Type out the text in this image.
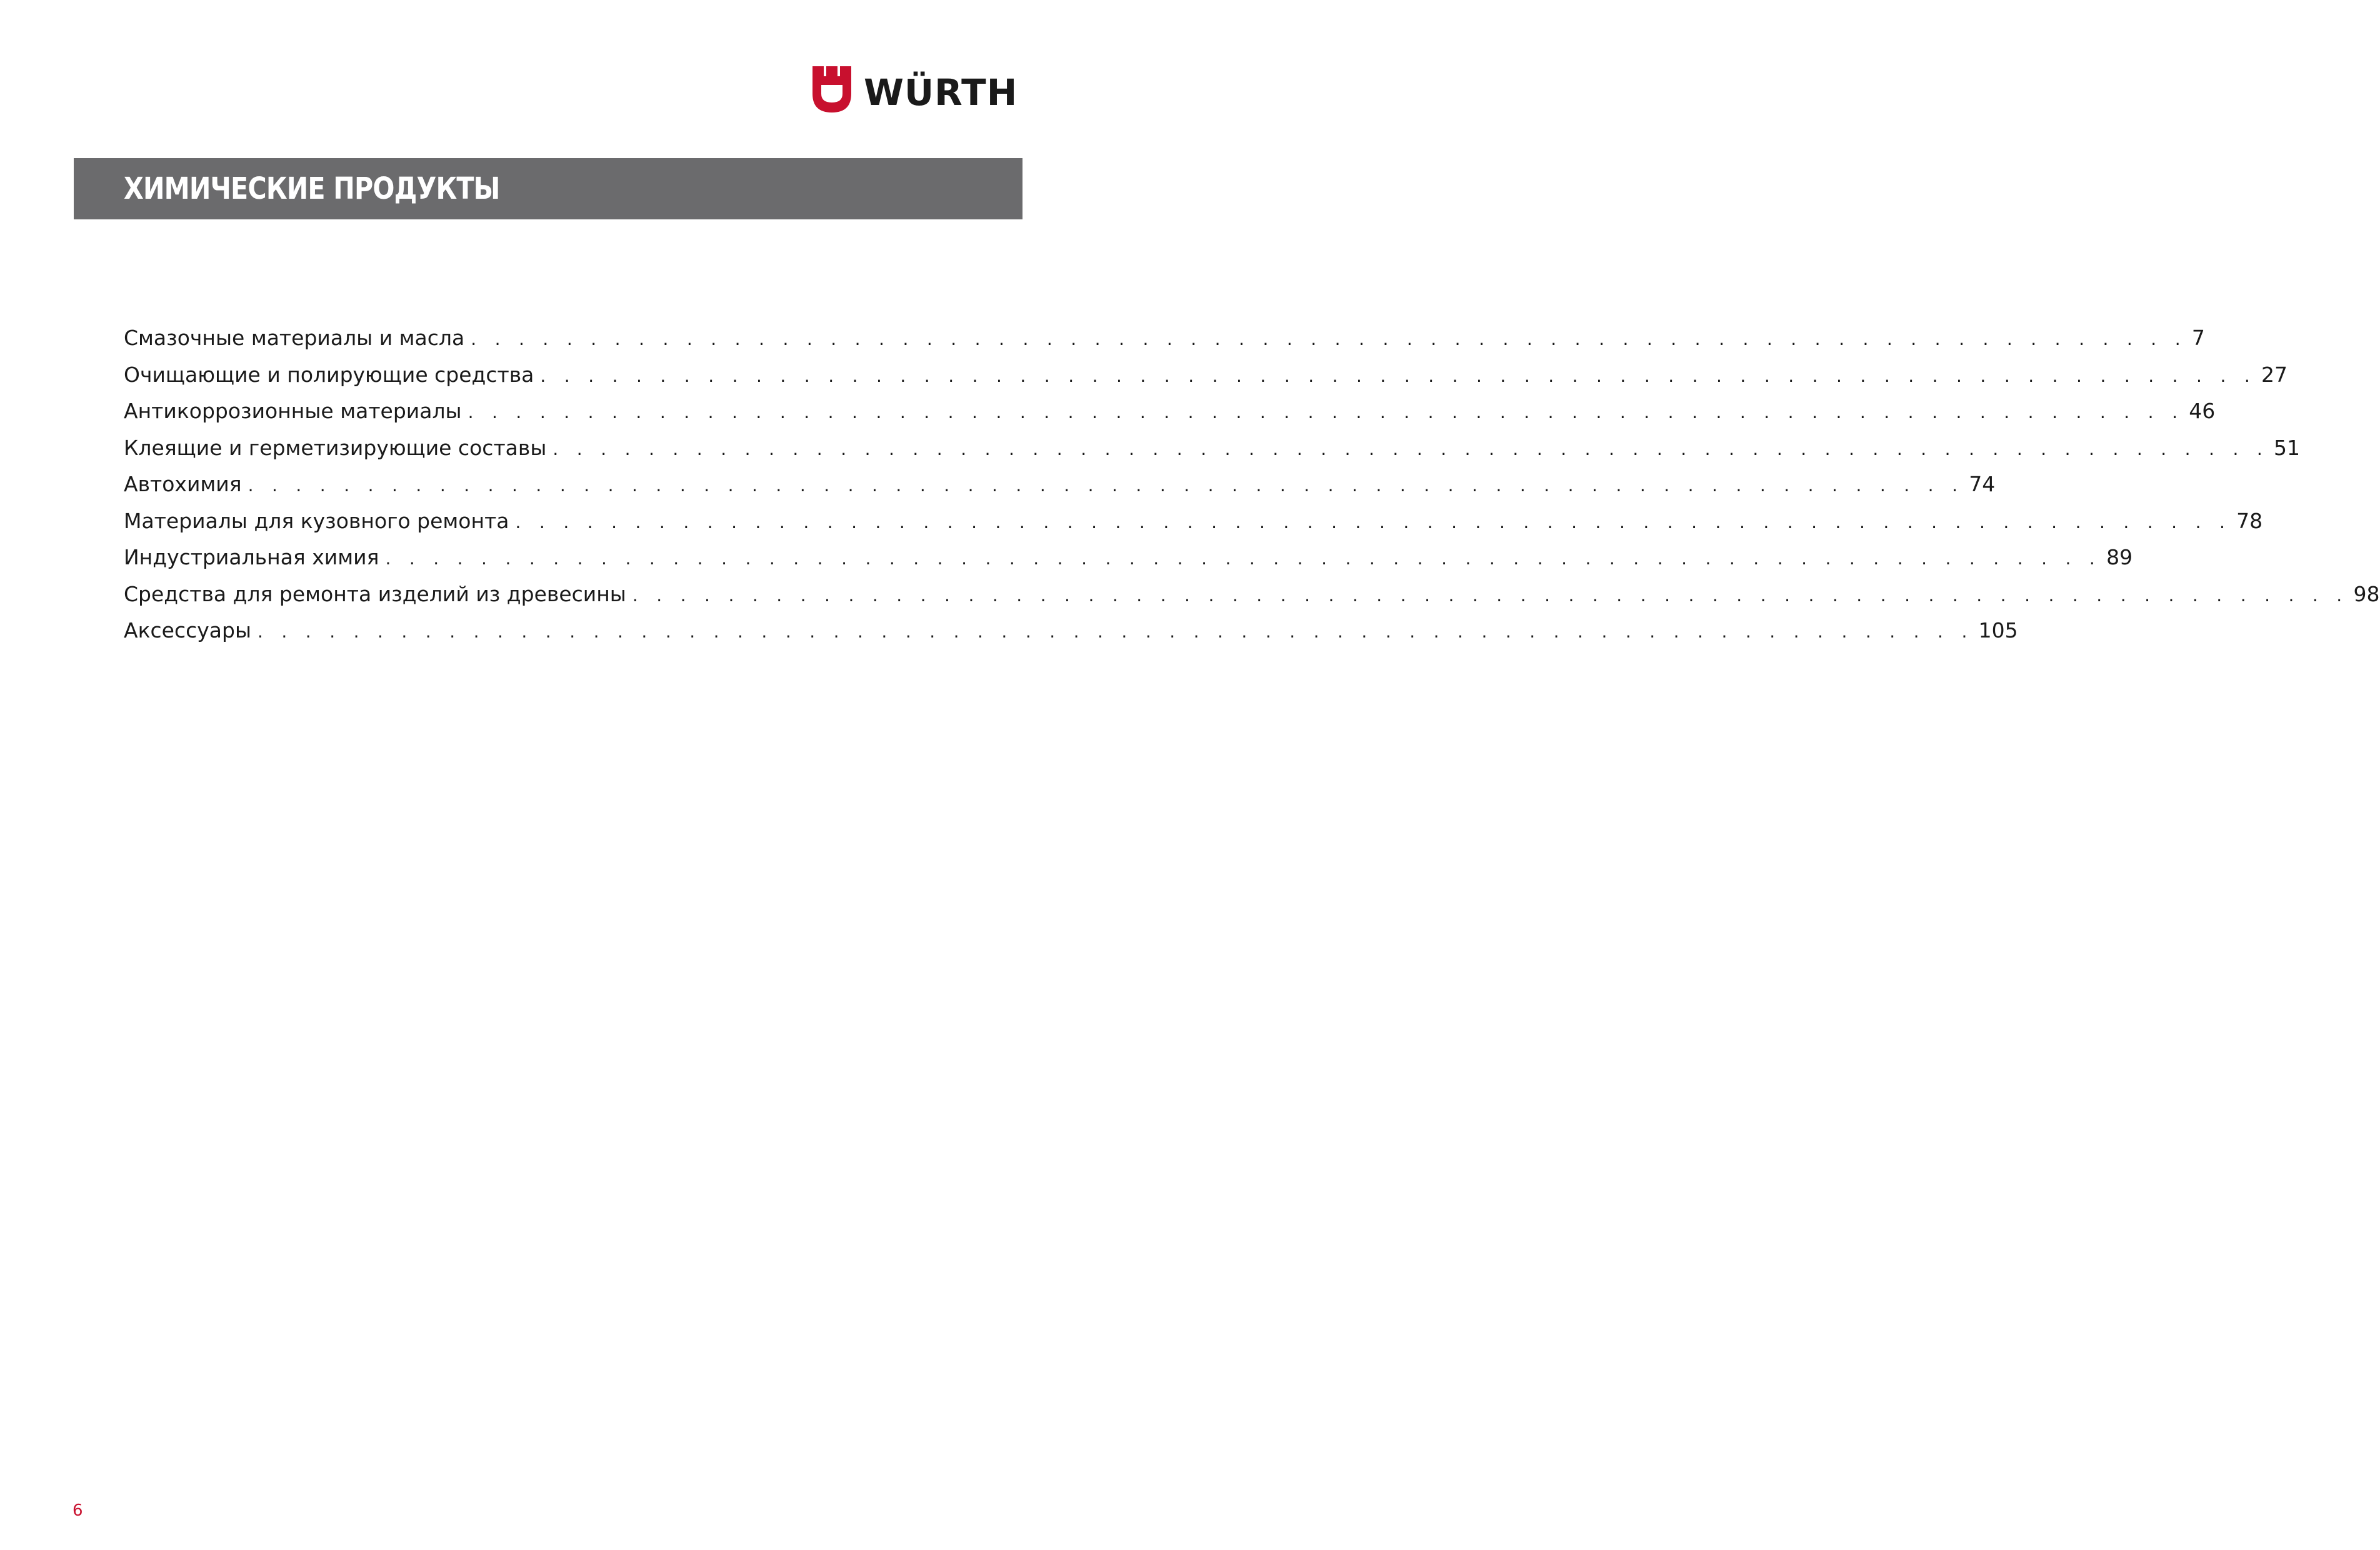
WÜRTH
ХИМИЧЕСКИЕ ПРОДУКТЫ
Смазочные материалы и масла . . . . . . . . . . . . . . . . . . . . . . . . . . . . . . . . . . . . . . . . . . . . . . . . . . . . . . . . . . . . . . . . . . . . . . . . 7
Очищающие и полирующие средства . . . . . . . . . . . . . . . . . . . . . . . . . . . . . . . . . . . . . . . . . . . . . . . . . . . . . . . . . . . . . . . . . . . . . . . . 27
Антикоррозионные материалы . . . . . . . . . . . . . . . . . . . . . . . . . . . . . . . . . . . . . . . . . . . . . . . . . . . . . . . . . . . . . . . . . . . . . . . . 46
Клеящие и герметизирующие составы . . . . . . . . . . . . . . . . . . . . . . . . . . . . . . . . . . . . . . . . . . . . . . . . . . . . . . . . . . . . . . . . . . . . . . . . 51
Автохимия . . . . . . . . . . . . . . . . . . . . . . . . . . . . . . . . . . . . . . . . . . . . . . . . . . . . . . . . . . . . . . . . . . . . . . . . 74
Материалы для кузовного ремонта . . . . . . . . . . . . . . . . . . . . . . . . . . . . . . . . . . . . . . . . . . . . . . . . . . . . . . . . . . . . . . . . . . . . . . . . 78
Индустриальная химия . . . . . . . . . . . . . . . . . . . . . . . . . . . . . . . . . . . . . . . . . . . . . . . . . . . . . . . . . . . . . . . . . . . . . . . . 89
Средства для ремонта изделий из древесины . . . . . . . . . . . . . . . . . . . . . . . . . . . . . . . . . . . . . . . . . . . . . . . . . . . . . . . . . . . . . . . . . . . . . . . . 98
Аксессуары . . . . . . . . . . . . . . . . . . . . . . . . . . . . . . . . . . . . . . . . . . . . . . . . . . . . . . . . . . . . . . . . . . . . . . . . 105
6
